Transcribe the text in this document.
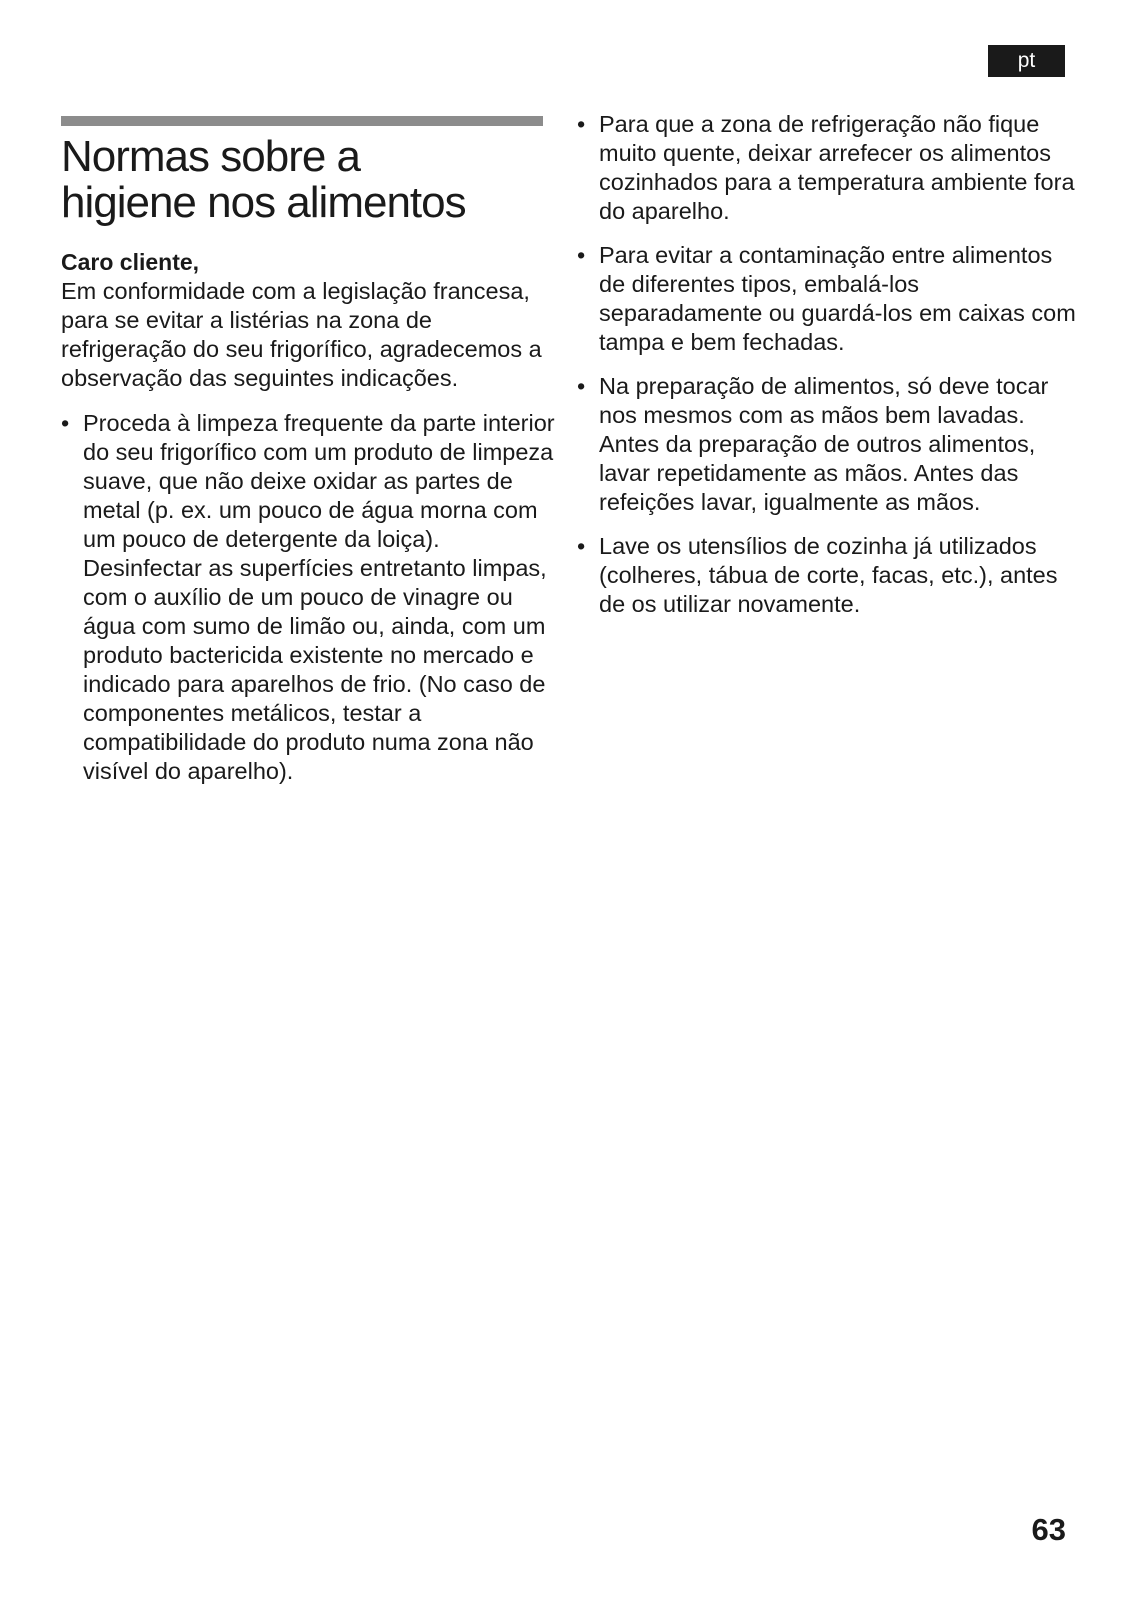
pt
Normas sobre a
higiene nos alimentos

Caro cliente,

Em conformidade com a legislação francesa, para se evitar a listérias na zona de refrigeração do seu frigorífico, agradecemos a observação das seguintes indicações.

• Proceda à limpeza frequente da parte interior do seu frigorífico com um produto de limpeza suave, que não deixe oxidar as partes de metal (p. ex. um pouco de água morna com um pouco de detergente da loiça). Desinfectar as superfícies entretanto limpas, com o auxílio de um pouco de vinagre ou água com sumo de limão ou, ainda, com um produto bactericida existente no mercado e indicado para aparelhos de frio. (No caso de componentes metálicos, testar a compatibilidade do produto numa zona não visível do aparelho).
• Para que a zona de refrigeração não fique muito quente, deixar arrefecer os alimentos cozinhados para a temperatura ambiente fora do aparelho.
• Para evitar a contaminação entre alimentos de diferentes tipos, embalá-los separadamente ou guardá-los em caixas com tampa e bem fechadas.
• Na preparação de alimentos, só deve tocar nos mesmos com as mãos bem lavadas. Antes da preparação de outros alimentos, lavar repetidamente as mãos. Antes das refeições lavar, igualmente as mãos.
• Lave os utensílios de cozinha já utilizados (colheres, tábua de corte, facas, etc.), antes de os utilizar novamente.
63
